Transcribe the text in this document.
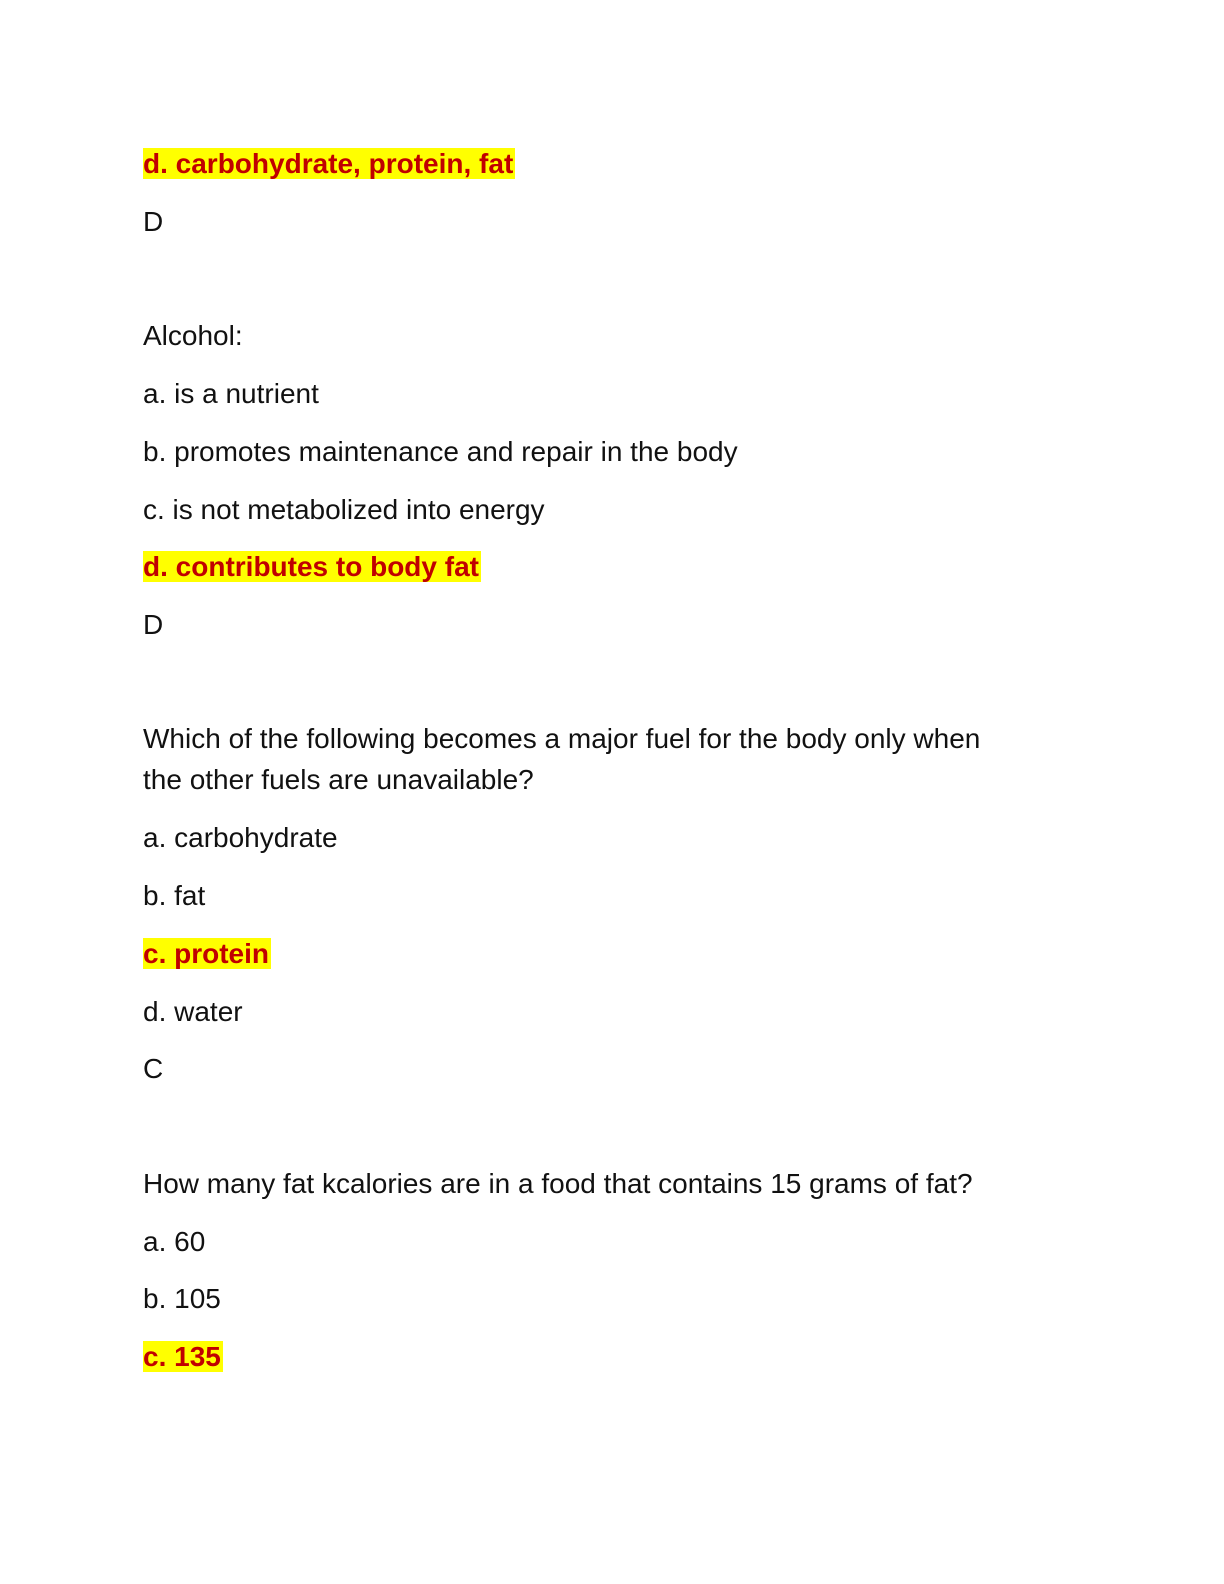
d. carbohydrate, protein, fat
D
Alcohol:
a. is a nutrient
b. promotes maintenance and repair in the body
c. is not metabolized into energy
d. contributes to body fat
D
Which of the following becomes a major fuel for the body only when
the other fuels are unavailable?
a. carbohydrate
b. fat
c. protein
d. water
C
How many fat kcalories are in a food that contains 15 grams of fat?
a. 60
b. 105
c. 135
